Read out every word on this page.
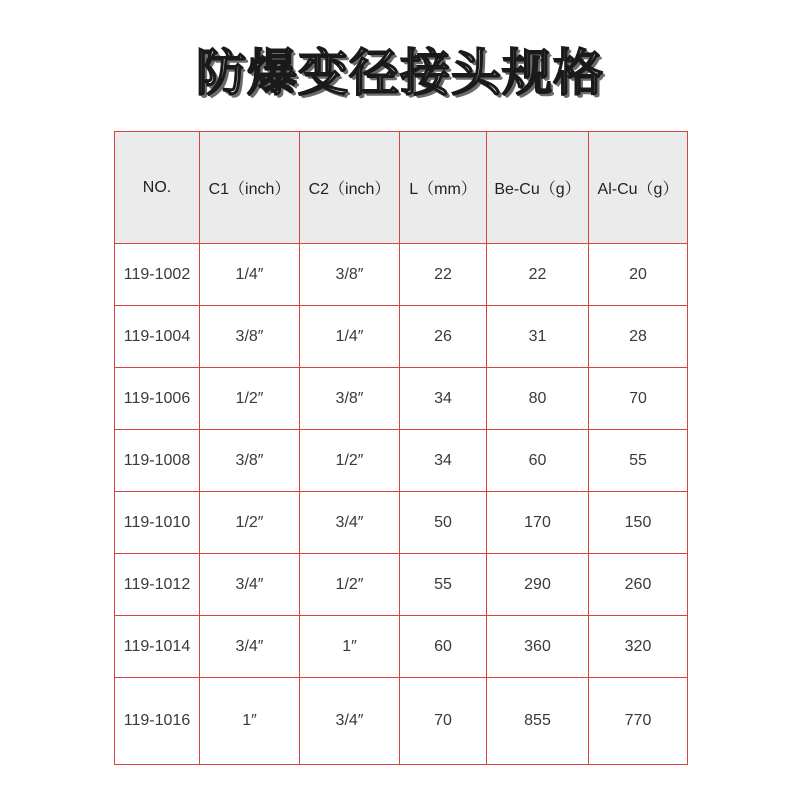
防爆变径接头规格
NO.	C1（inch）	C2（inch）	L（mm）	Be-Cu（g）	Al-Cu（g）
119-1002	1/4″	3/8″	22	22	20
119-1004	3/8″	1/4″	26	31	28
119-1006	1/2″	3/8″	34	80	70
119-1008	3/8″	1/2″	34	60	55
119-1010	1/2″	3/4″	50	170	150
119-1012	3/4″	1/2″	55	290	260
119-1014	3/4″	1″	60	360	320
119-1016	1″	3/4″	70	855	770
